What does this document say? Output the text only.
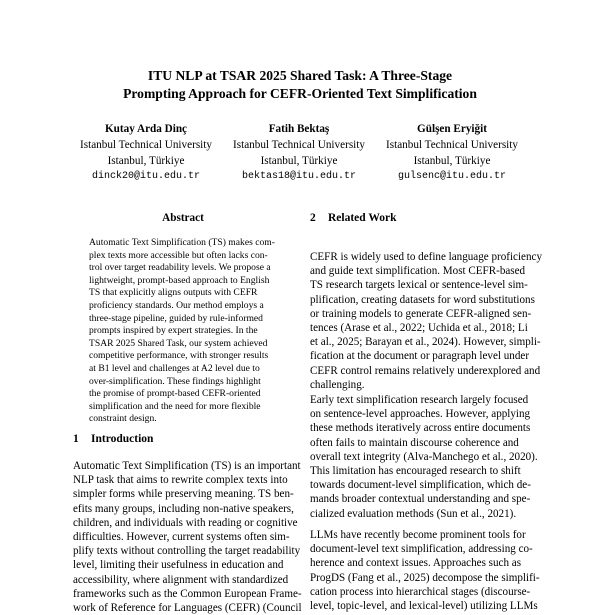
ITU NLP at TSAR 2025 Shared Task: A Three-Stage
Prompting Approach for CEFR-Oriented Text Simplification
Kutay Arda Dinç
Istanbul Technical University
Istanbul, Türkiye
dinck20@itu.edu.tr
Fatih Bektaş
Istanbul Technical University
Istanbul, Türkiye
bektas18@itu.edu.tr
Gülşen Eryiğit
Istanbul Technical University
Istanbul, Türkiye
gulsenc@itu.edu.tr
Abstract
Automatic Text Simplification (TS) makes com-
plex texts more accessible but often lacks con-
trol over target readability levels. We propose a
lightweight, prompt-based approach to English
TS that explicitly aligns outputs with CEFR
proficiency standards. Our method employs a
three-stage pipeline, guided by rule-informed
prompts inspired by expert strategies. In the
TSAR 2025 Shared Task, our system achieved
competitive performance, with stronger results
at B1 level and challenges at A2 level due to
over-simplification. These findings highlight
the promise of prompt-based CEFR-oriented
simplification and the need for more flexible
constraint design.
1 Introduction
Automatic Text Simplification (TS) is an important
NLP task that aims to rewrite complex texts into
simpler forms while preserving meaning. TS ben-
efits many groups, including non-native speakers,
children, and individuals with reading or cognitive
difficulties. However, current systems often sim-
plify texts without controlling the target readability
level, limiting their usefulness in education and
accessibility, where alignment with standardized
frameworks such as the Common European Frame-
work of Reference for Languages (CEFR) (Council
2 Related Work
CEFR is widely used to define language proficiency
and guide text simplification. Most CEFR-based
TS research targets lexical or sentence-level sim-
plification, creating datasets for word substitutions
or training models to generate CEFR-aligned sen-
tences (Arase et al., 2022; Uchida et al., 2018; Li
et al., 2025; Barayan et al., 2024). However, simpli-
fication at the document or paragraph level under
CEFR control remains relatively underexplored and
challenging.
Early text simplification research largely focused
on sentence-level approaches. However, applying
these methods iteratively across entire documents
often fails to maintain discourse coherence and
overall text integrity (Alva-Manchego et al., 2020).
This limitation has encouraged research to shift
towards document-level simplification, which de-
mands broader contextual understanding and spe-
cialized evaluation methods (Sun et al., 2021).
LLMs have recently become prominent tools for
document-level text simplification, addressing co-
herence and context issues. Approaches such as
ProgDS (Fang et al., 2025) decompose the simplifi-
cation process into hierarchical stages (discourse-
level, topic-level, and lexical-level) utilizing LLMs
